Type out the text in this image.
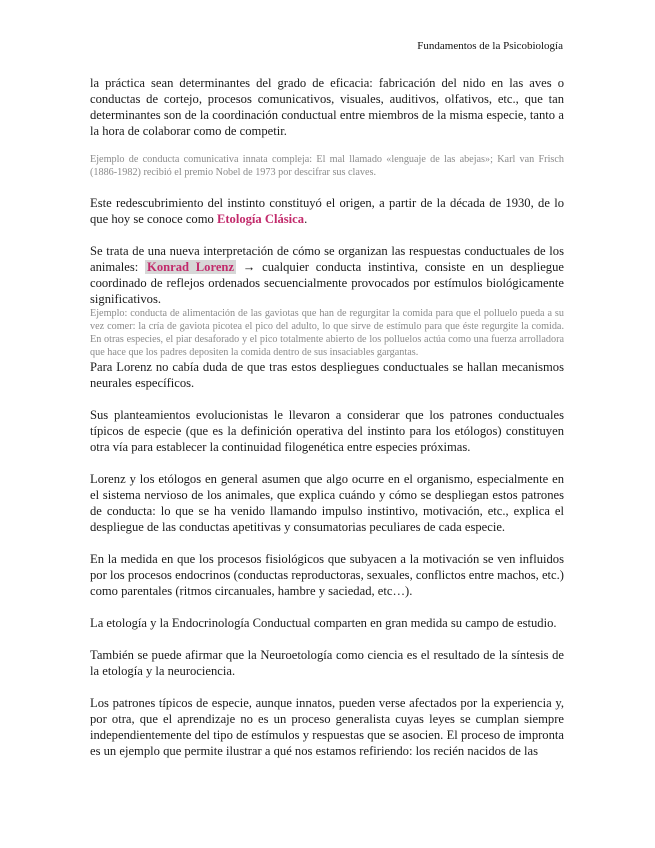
Fundamentos de la Psicobiología

la práctica sean determinantes del grado de eficacia: fabricación del nido en las aves o conductas de cortejo, procesos comunicativos, visuales, auditivos, olfativos, etc., que tan determinantes son de la coordinación conductual entre miembros de la misma especie, tanto a la hora de colaborar como de competir.

Ejemplo de conducta comunicativa innata compleja: El mal llamado «lenguaje de las abejas»; Karl van Frisch (1886-1982) recibió el premio Nobel de 1973 por descifrar sus claves.

Este redescubrimiento del instinto constituyó el origen, a partir de la década de 1930, de lo que hoy se conoce como Etología Clásica.

Se trata de una nueva interpretación de cómo se organizan las respuestas conductuales de los animales: Konrad Lorenz → cualquier conducta instintiva, consiste en un despliegue coordinado de reflejos ordenados secuencialmente provocados por estímulos biológicamente significativos.

Ejemplo: conducta de alimentación de las gaviotas que han de regurgitar la comida para que el polluelo pueda a su vez comer: la cría de gaviota picotea el pico del adulto, lo que sirve de estímulo para que éste regurgite la comida. En otras especies, el piar desaforado y el pico totalmente abierto de los polluelos actúa como una fuerza arrolladora que hace que los padres depositen la comida dentro de sus insaciables gargantas.

Para Lorenz no cabía duda de que tras estos despliegues conductuales se hallan mecanismos neurales específicos.

Sus planteamientos evolucionistas le llevaron a considerar que los patrones conductuales típicos de especie (que es la definición operativa del instinto para los etólogos) constituyen otra vía para establecer la continuidad filogenética entre especies próximas.

Lorenz y los etólogos en general asumen que algo ocurre en el organismo, especialmente en el sistema nervioso de los animales, que explica cuándo y cómo se despliegan estos patrones de conducta: lo que se ha venido llamando impulso instintivo, motivación, etc., explica el despliegue de las conductas apetitivas y consumatorias peculiares de cada especie.

En la medida en que los procesos fisiológicos que subyacen a la motivación se ven influidos por los procesos endocrinos (conductas reproductoras, sexuales, conflictos entre machos, etc.) como parentales (ritmos circanuales, hambre y saciedad, etc…).

La etología y la Endocrinología Conductual comparten en gran medida su campo de estudio.

También se puede afirmar que la Neuroetología como ciencia es el resultado de la síntesis de la etología y la neurociencia.

Los patrones típicos de especie, aunque innatos, pueden verse afectados por la experiencia y, por otra, que el aprendizaje no es un proceso generalista cuyas leyes se cumplan siempre independientemente del tipo de estímulos y respuestas que se asocien. El proceso de impronta es un ejemplo que permite ilustrar a qué nos estamos refiriendo: los recién nacidos de las
